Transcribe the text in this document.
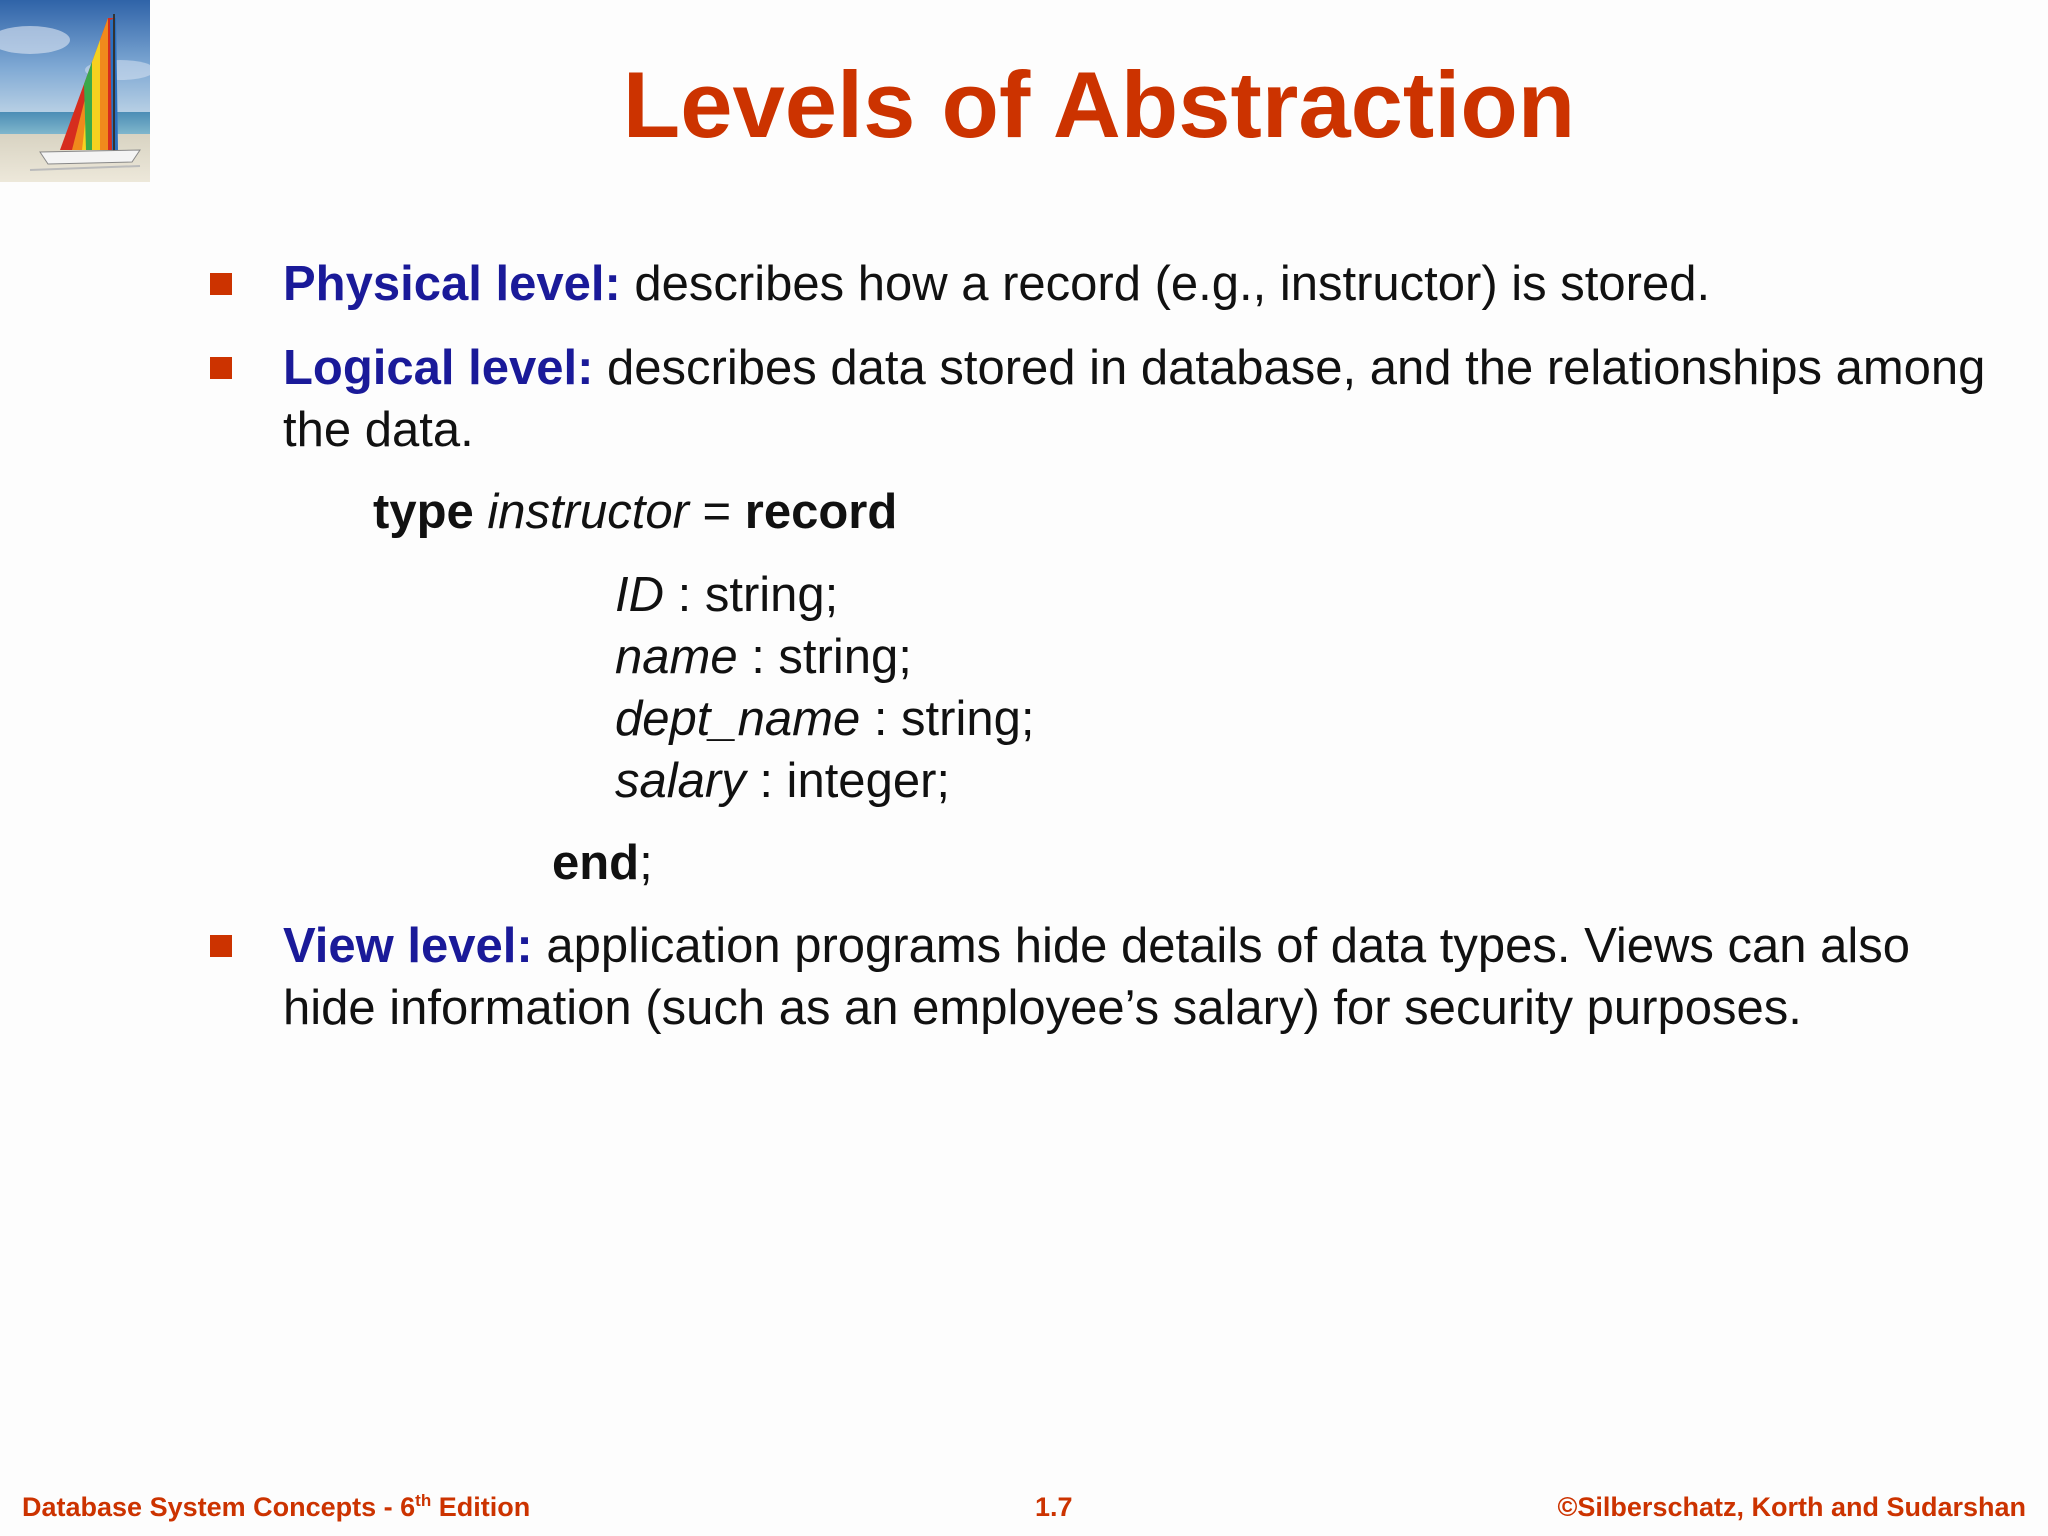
Levels of Abstraction
Physical level: describes how a record (e.g., instructor) is stored.
Logical level: describes data stored in database, and the relationships among the data.
type instructor = record
ID : string;
name : string;
dept_name : string;
salary : integer;
end;
View level: application programs hide details of data types. Views can also hide information (such as an employee’s salary) for security purposes.
Database System Concepts - 6th Edition	1.7	©Silberschatz, Korth and Sudarshan
